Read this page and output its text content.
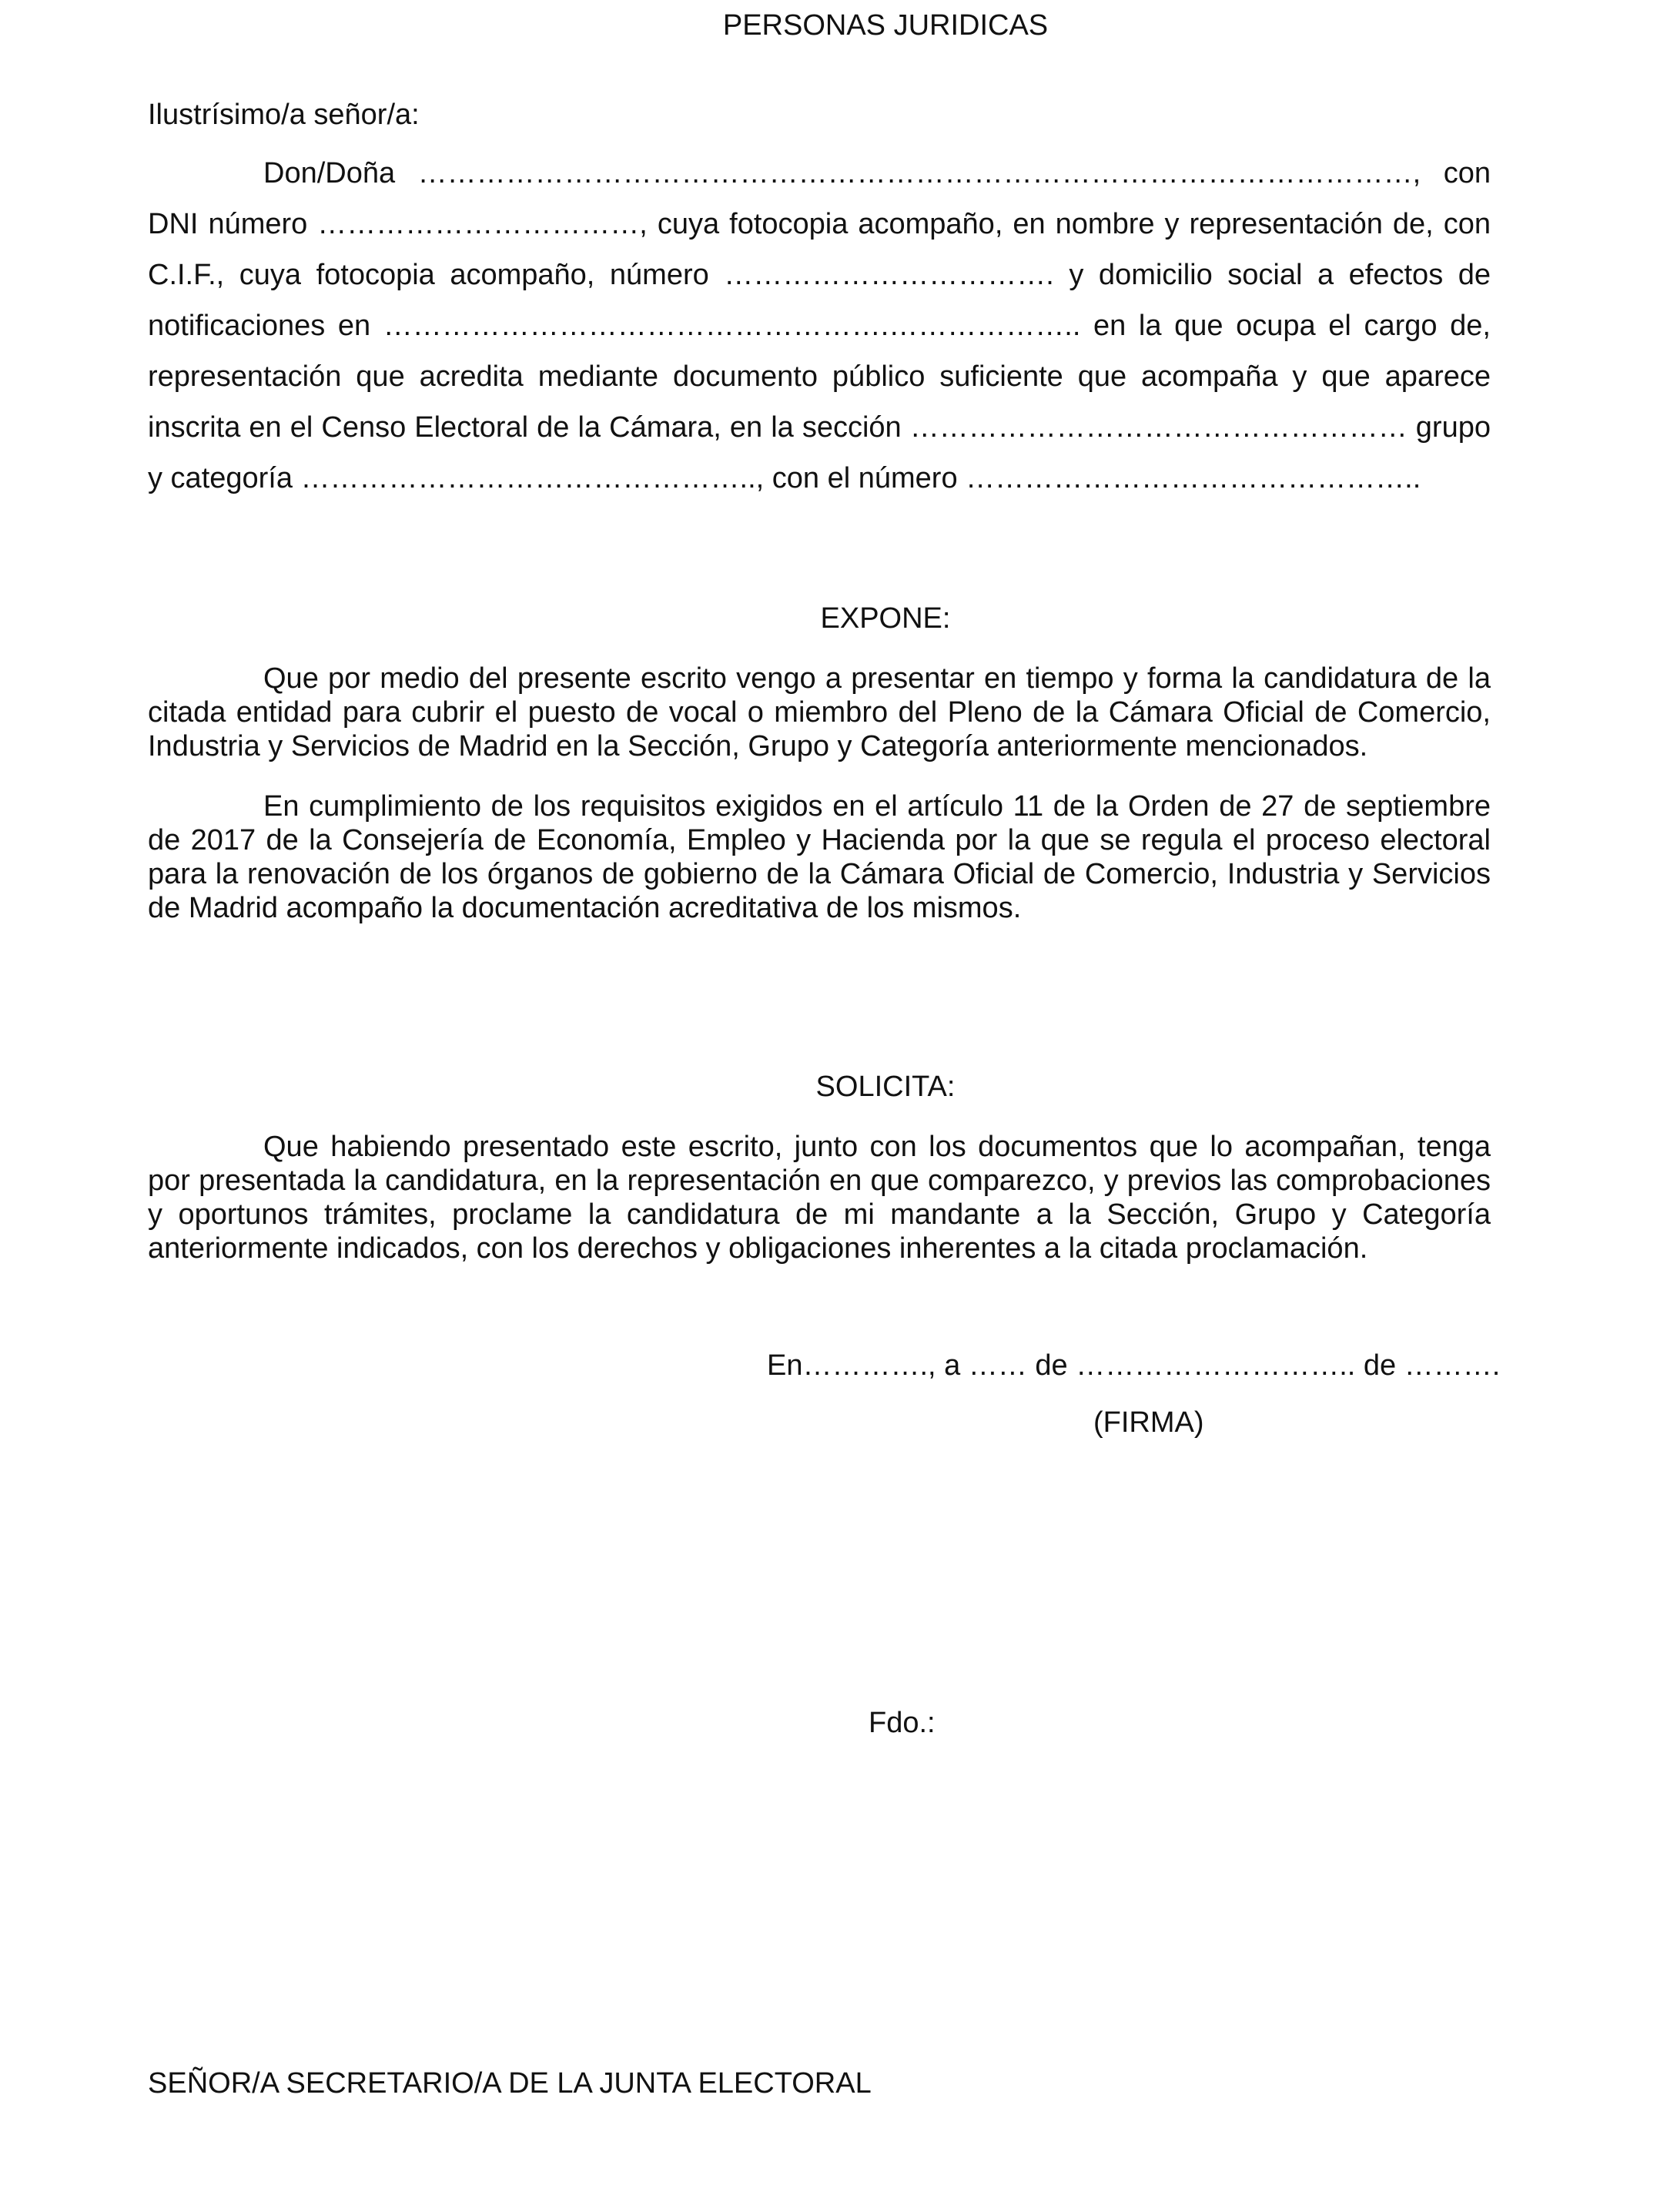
PERSONAS JURIDICAS
Ilustrísimo/a señor/a:
Don/Doña …………………………………………………………………………………………, con
DNI número ……………………………, cuya fotocopia acompaño, en nombre y representación de, con
C.I.F., cuya fotocopia acompaño, número ……………………………. y domicilio social a efectos de
notificaciones en …………………………………………….……………….. en la que ocupa el cargo de,
representación que acredita mediante documento público suficiente que acompaña y que aparece
inscrita en el Censo Electoral de la Cámara, en la sección …………………………………………… grupo
y categoría ……………………………………….., con el número ………………………………………..
EXPONE:
Que por medio del presente escrito vengo a presentar en tiempo y forma la candidatura de la
citada entidad para cubrir el puesto de vocal o miembro del Pleno de la Cámara Oficial de Comercio,
Industria y Servicios de Madrid en la Sección, Grupo y Categoría anteriormente mencionados.
En cumplimiento de los requisitos exigidos en el artículo 11 de la Orden de 27 de septiembre
de 2017 de la Consejería de Economía, Empleo y Hacienda por la que se regula el proceso electoral
para la renovación de los órganos de gobierno de la Cámara Oficial de Comercio, Industria y Servicios
de Madrid acompaño la documentación acreditativa de los mismos.
SOLICITA:
Que habiendo presentado este escrito, junto con los documentos que lo acompañan, tenga
por presentada la candidatura, en la representación en que comparezco, y previos las comprobaciones
y oportunos trámites, proclame la candidatura de mi mandante a la Sección, Grupo y Categoría
anteriormente indicados, con los derechos y obligaciones inherentes a la citada proclamación.
En…………., a …… de ……………………….. de ……….
(FIRMA)
Fdo.:
SEÑOR/A SECRETARIO/A DE LA JUNTA ELECTORAL
